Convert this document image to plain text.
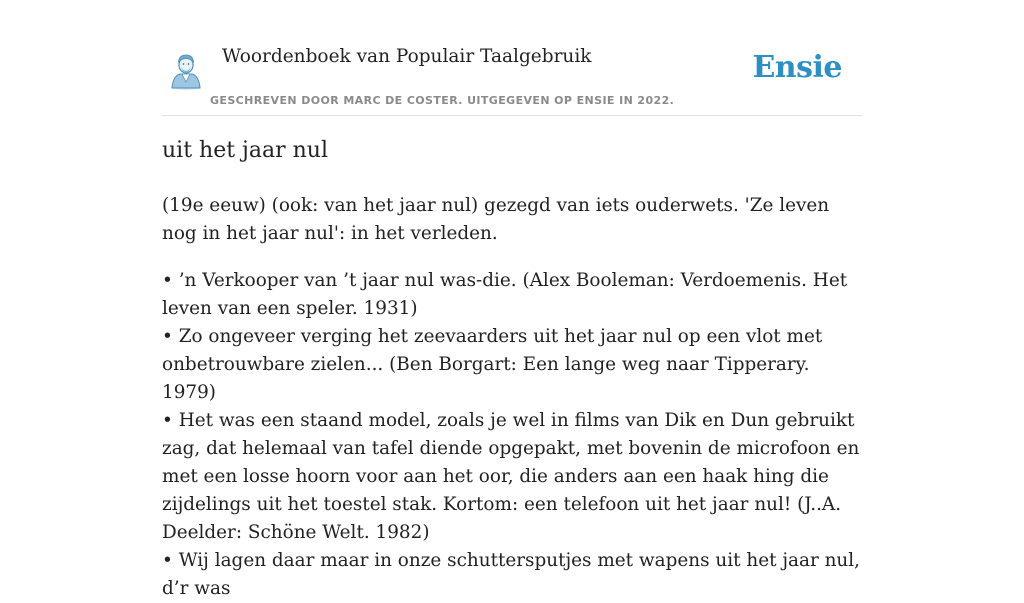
Woordenboek van Populair Taalgebruik
GESCHREVEN DOOR MARC DE COSTER. UITGEGEVEN OP ENSIE IN 2022.
Ensie
uit het jaar nul

(19e eeuw) (ook: van het jaar nul) gezegd van iets ouderwets. 'Ze leven nog in het jaar nul': in het verleden.

• ’n Verkooper van ’t jaar nul was-die. (Alex Booleman: Verdoemenis. Het leven van een speler. 1931)
• Zo ongeveer verging het zeevaarders uit het jaar nul op een vlot met onbetrouwbare zielen... (Ben Borgart: Een lange weg naar Tipperary. 1979)
• Het was een staand model, zoals je wel in films van Dik en Dun gebruikt zag, dat helemaal van tafel diende opgepakt, met bovenin de microfoon en met een losse hoorn voor aan het oor, die anders aan een haak hing die zijdelings uit het toestel stak. Kortom: een telefoon uit het jaar nul! (J..A. Deelder: Schöne Welt. 1982)
• Wij lagen daar maar in onze schuttersputjes met wapens uit het jaar nul, d’r was
